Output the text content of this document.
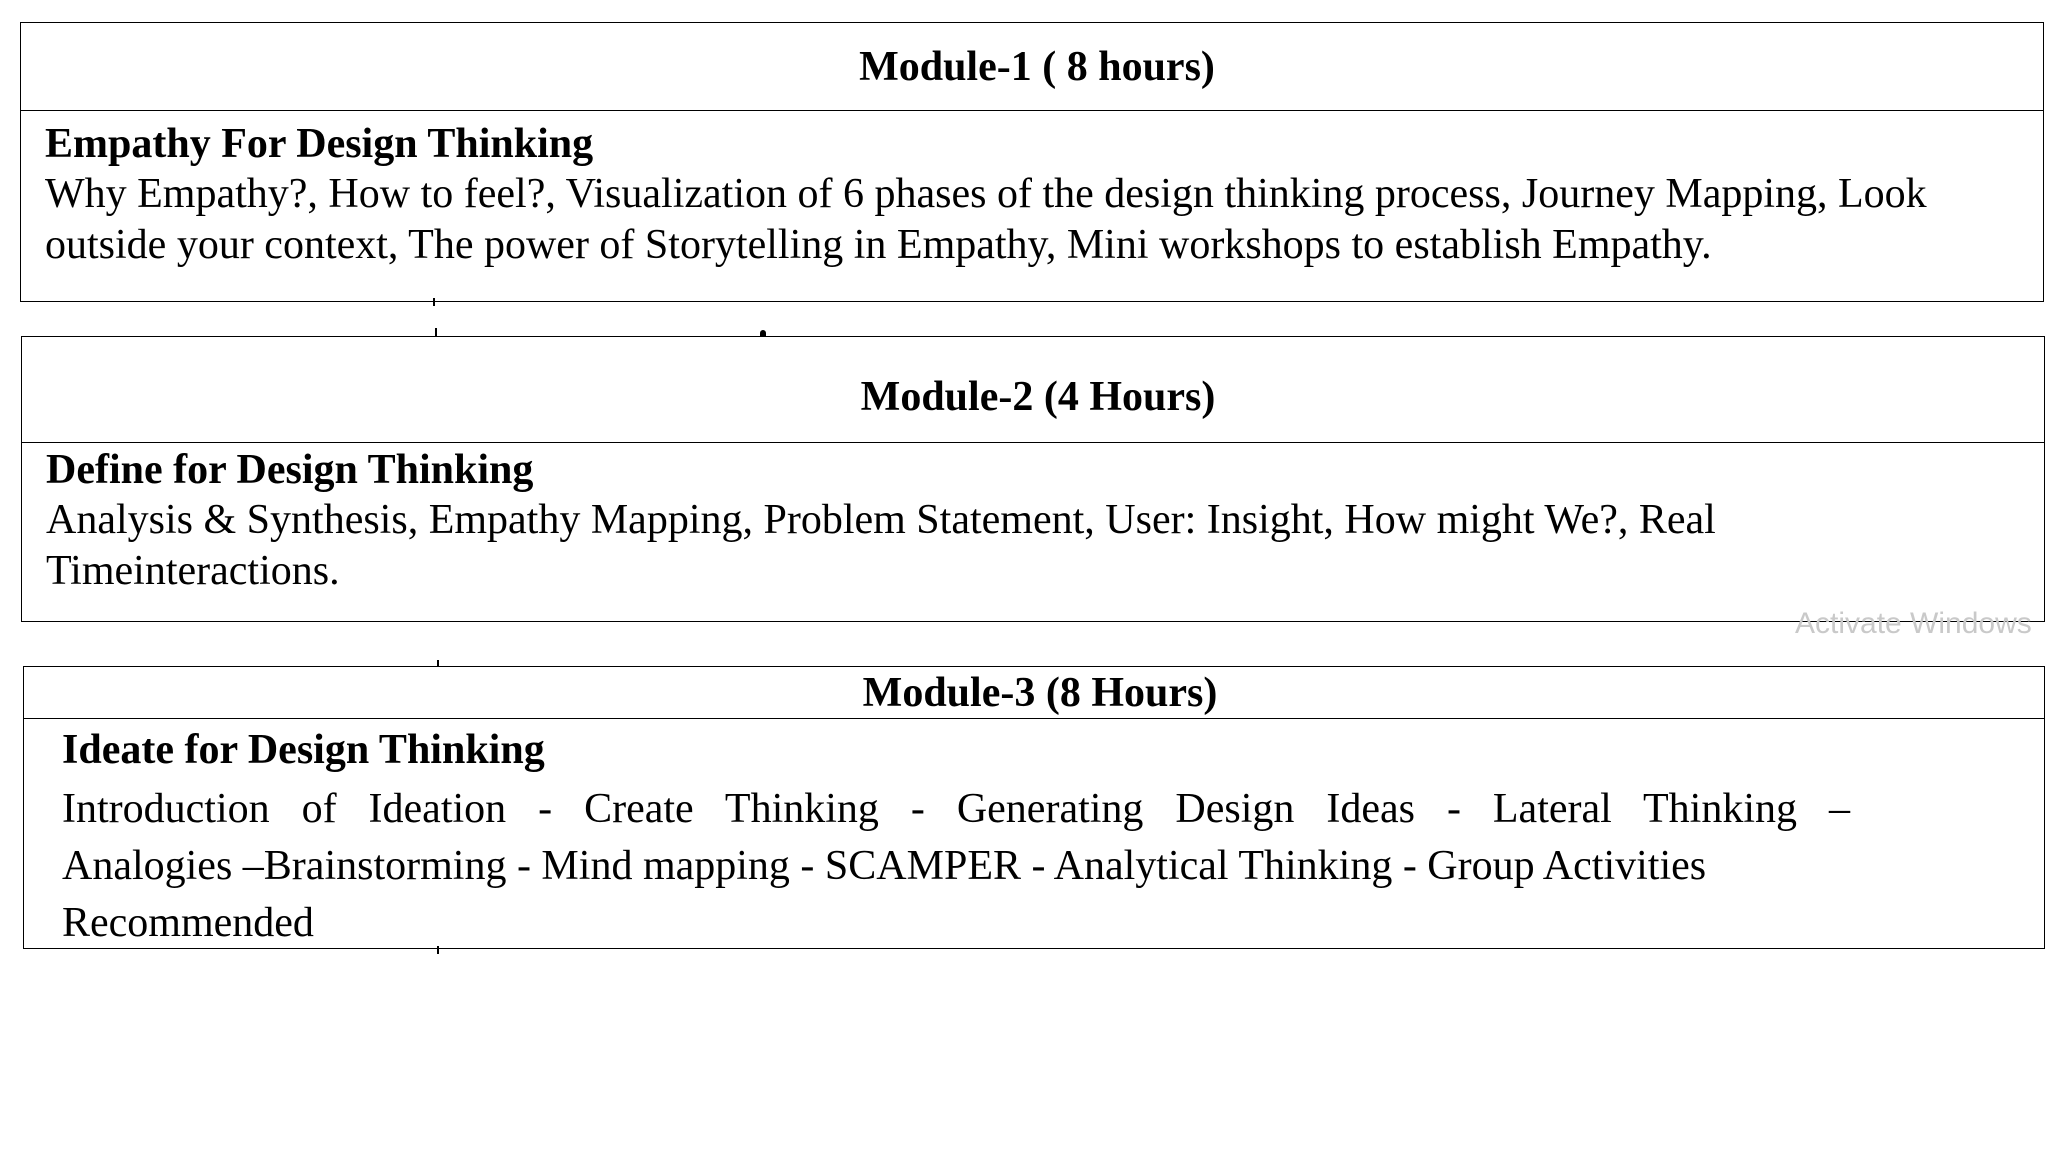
Module-1 ( 8 hours)
Empathy For Design Thinking
Why Empathy?, How to feel?, Visualization of 6 phases of the design thinking process, Journey Mapping, Look
outside your context, The power of Storytelling in Empathy, Mini workshops to establish Empathy.
Module-2 (4 Hours)
Define for Design Thinking
Analysis & Synthesis, Empathy Mapping, Problem Statement, User: Insight, How might We?, Real
Timeinteractions.
Module-3 (8 Hours)
Ideate for Design Thinking
Introduction of Ideation - Create Thinking - Generating Design Ideas - Lateral Thinking –
Analogies –Brainstorming - Mind mapping - SCAMPER - Analytical Thinking - Group Activities
Recommended
Activate Windows
